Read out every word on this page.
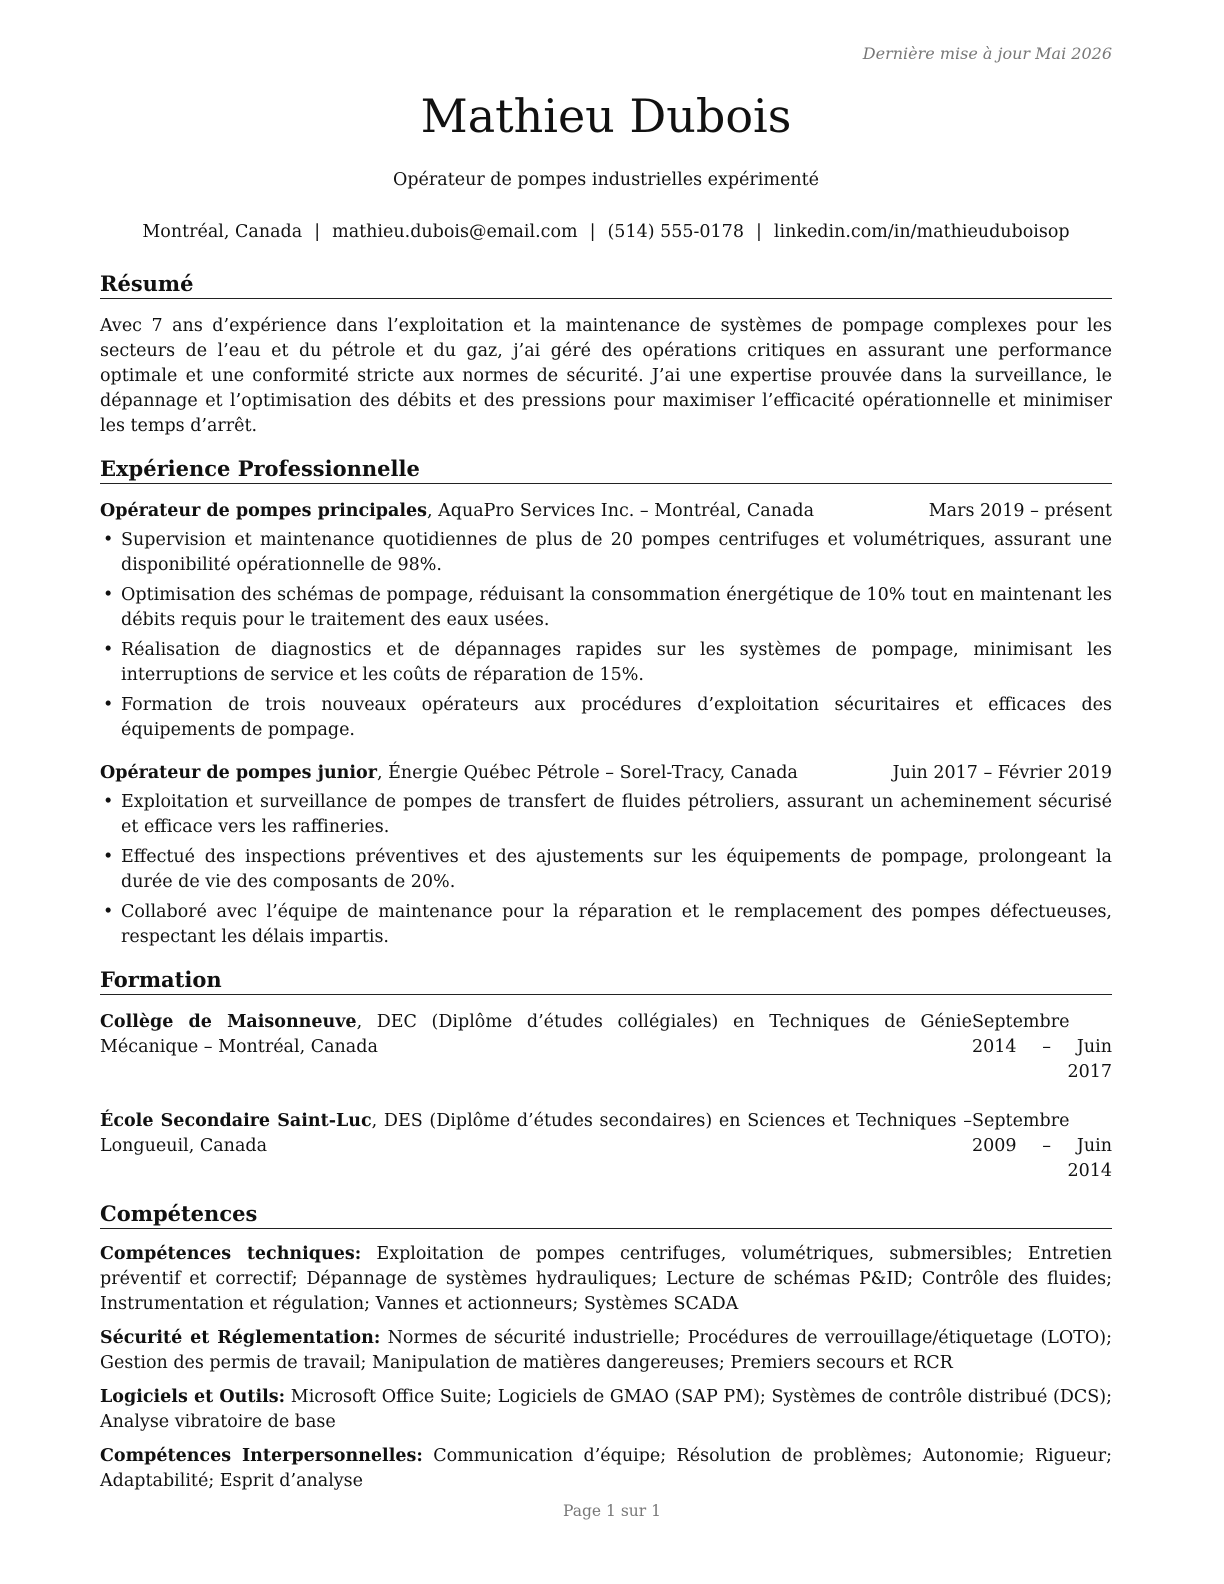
Dernière mise à jour Mai 2026
Mathieu Dubois
Opérateur de pompes industrielles expérimenté
Montréal, Canada | mathieu.dubois@email.com | (514) 555-0178 | linkedin.com/in/mathieuduboisop
Résumé

Avec 7 ans d’expérience dans l’exploitation et la maintenance de systèmes de pompage complexes pour les secteurs de l’eau et du pétrole et du gaz, j’ai géré des opérations critiques en assurant une performance optimale et une conformité stricte aux normes de sécurité. J’ai une expertise prouvée dans la surveillance, le dépannage et l’optimisation des débits et des pressions pour maximiser l’efficacité opérationnelle et minimiser les temps d’arrêt.

Expérience Professionnelle
Opérateur de pompes principales, AquaPro Services Inc. – Montréal, Canada	Mars 2019 – présent
• Supervision et maintenance quotidiennes de plus de 20 pompes centrifuges et volumétriques, assurant une disponibilité opérationnelle de 98%.
• Optimisation des schémas de pompage, réduisant la consommation énergétique de 10% tout en maintenant les débits requis pour le traitement des eaux usées.
• Réalisation de diagnostics et de dépannages rapides sur les systèmes de pompage, minimisant les interruptions de service et les coûts de réparation de 15%.
• Formation de trois nouveaux opérateurs aux procédures d’exploitation sécuritaires et efficaces des équipements de pompage.
Opérateur de pompes junior, Énergie Québec Pétrole – Sorel-Tracy, Canada	Juin 2017 – Février 2019
• Exploitation et surveillance de pompes de transfert de fluides pétroliers, assurant un acheminement sécurisé et efficace vers les raffineries.
• Effectué des inspections préventives et des ajustements sur les équipements de pompage, prolongeant la durée de vie des composants de 20%.
• Collaboré avec l’équipe de maintenance pour la réparation et le remplacement des pompes défectueuses, respectant les délais impartis.
Formation
Collège de Maisonneuve, DEC (Diplôme d’études collégiales) en Techniques de Génie Mécanique – Montréal, Canada
Septembre 2014 – Juin 2017
École Secondaire Saint-Luc, DES (Diplôme d’études secondaires) en Sciences et Techniques – Longueuil, Canada
Septembre 2009 – Juin 2014
Compétences

Compétences techniques: Exploitation de pompes centrifuges, volumétriques, submersibles; Entretien préventif et correctif; Dépannage de systèmes hydrauliques; Lecture de schémas P&ID; Contrôle des fluides; Instrumentation et régulation; Vannes et actionneurs; Systèmes SCADA

Sécurité et Réglementation: Normes de sécurité industrielle; Procédures de verrouillage/étiquetage (LOTO); Gestion des permis de travail; Manipulation de matières dangereuses; Premiers secours et RCR

Logiciels et Outils: Microsoft Office Suite; Logiciels de GMAO (SAP PM); Systèmes de contrôle distribué (DCS); Analyse vibratoire de base

Compétences Interpersonnelles: Communication d’équipe; Résolution de problèmes; Autonomie; Rigueur; Adaptabilité; Esprit d’analyse

Page 1 sur 1
